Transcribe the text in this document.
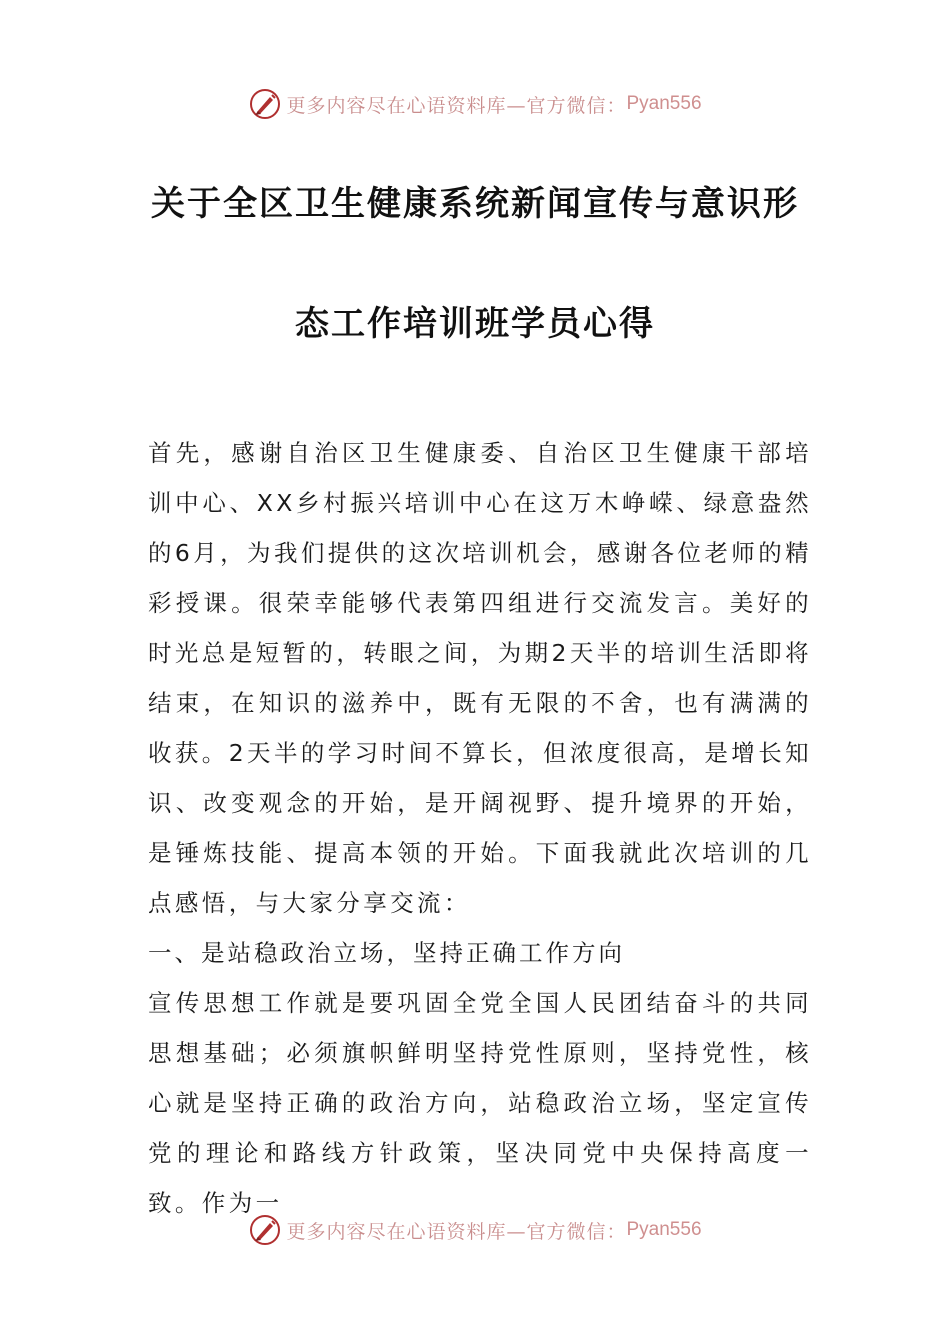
更多内容尽在心语资料库—官方微信： Pyan556
关于全区卫生健康系统新闻宣传与意识形
态工作培训班学员心得

首先，感谢自治区卫生健康委、自治区卫生健康干部培训中心、XX乡村振兴培训中心在这万木峥嵘、绿意盎然的6月，为我们提供的这次培训机会，感谢各位老师的精彩授课。很荣幸能够代表第四组进行交流发言。美好的时光总是短暂的，转眼之间，为期2天半的培训生活即将结束，在知识的滋养中，既有无限的不舍，也有满满的收获。2天半的学习时间不算长，但浓度很高，是增长知识、改变观念的开始，是开阔视野、提升境界的开始，是锤炼技能、提高本领的开始。下面我就此次培训的几点感悟，与大家分享交流：

一、是站稳政治立场，坚持正确工作方向

宣传思想工作就是要巩固全党全国人民团结奋斗的共同思想基础；必须旗帜鲜明坚持党性原则，坚持党性，核心就是坚持正确的政治方向，站稳政治立场，坚定宣传党的理论和路线方针政策，坚决同党中央保持高度一致。作为一

更多内容尽在心语资料库—官方微信： Pyan556
